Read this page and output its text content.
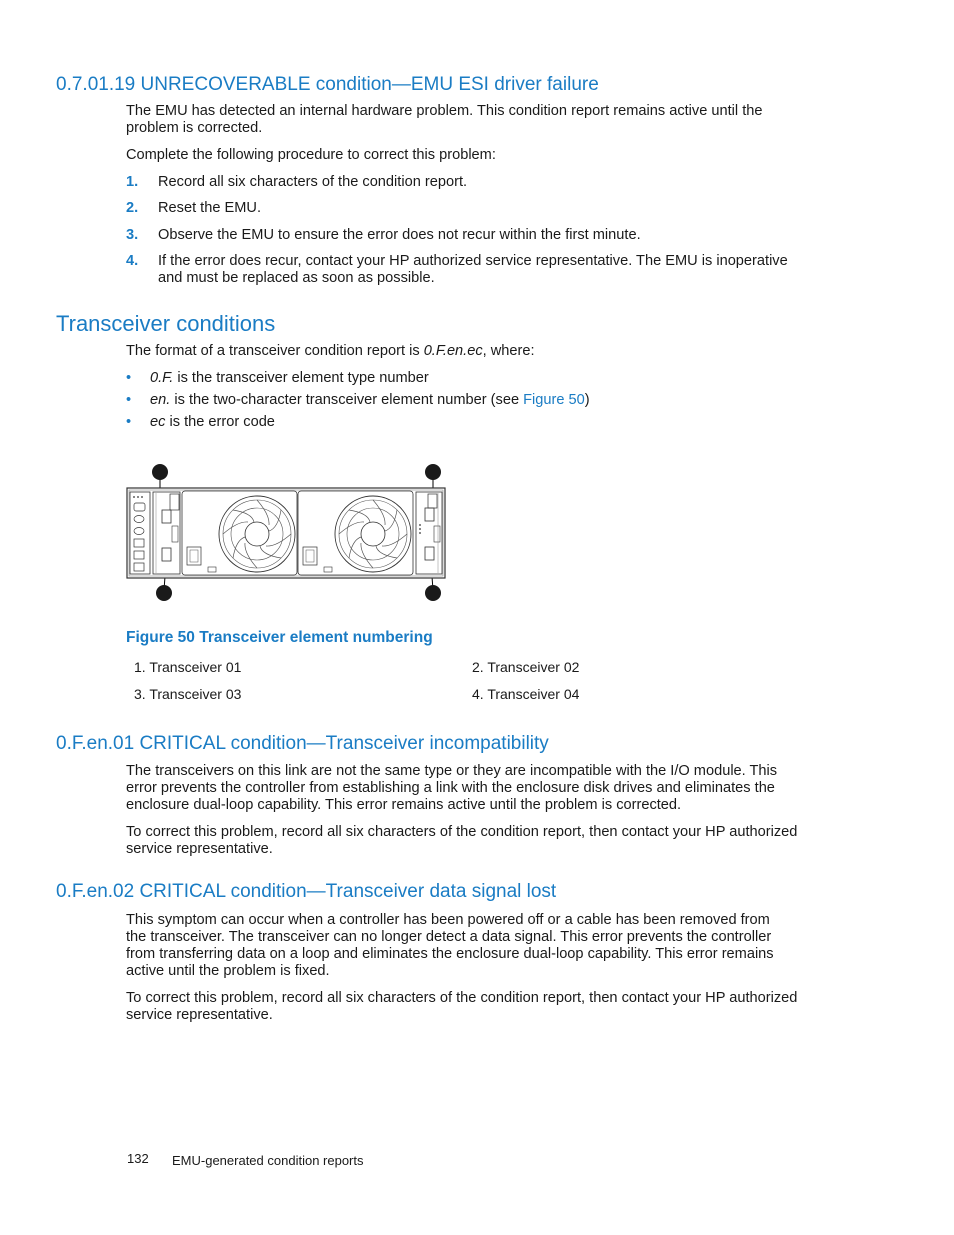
0.7.01.19 UNRECOVERABLE condition—EMU ESI driver failure

The EMU has detected an internal hardware problem. This condition report remains active until the
problem is corrected.

Complete the following procedure to correct this problem:

1. Record all six characters of the condition report.
2. Reset the EMU.
3. Observe the EMU to ensure the error does not recur within the first minute.
4. If the error does recur, contact your HP authorized service representative. The EMU is inoperative
and must be replaced as soon as possible.
Transceiver conditions

The format of a transceiver condition report is 0.F.en.ec, where:

• 0.F. is the transceiver element type number
• en. is the two-character transceiver element number (see Figure 50)
• ec is the error code
Figure 50 Transceiver element numbering
1. Transceiver 01	2. Transceiver 02
3. Transceiver 03	4. Transceiver 04
0.F.en.01 CRITICAL condition—Transceiver incompatibility

The transceivers on this link are not the same type or they are incompatible with the I/O module. This
error prevents the controller from establishing a link with the enclosure disk drives and eliminates the
enclosure dual-loop capability. This error remains active until the problem is corrected.

To correct this problem, record all six characters of the condition report, then contact your HP authorized
service representative.

0.F.en.02 CRITICAL condition—Transceiver data signal lost

This symptom can occur when a controller has been powered off or a cable has been removed from
the transceiver. The transceiver can no longer detect a data signal. This error prevents the controller
from transferring data on a loop and eliminates the enclosure dual-loop capability. This error remains
active until the problem is fixed.

To correct this problem, record all six characters of the condition report, then contact your HP authorized
service representative.

132 EMU-generated condition reports
